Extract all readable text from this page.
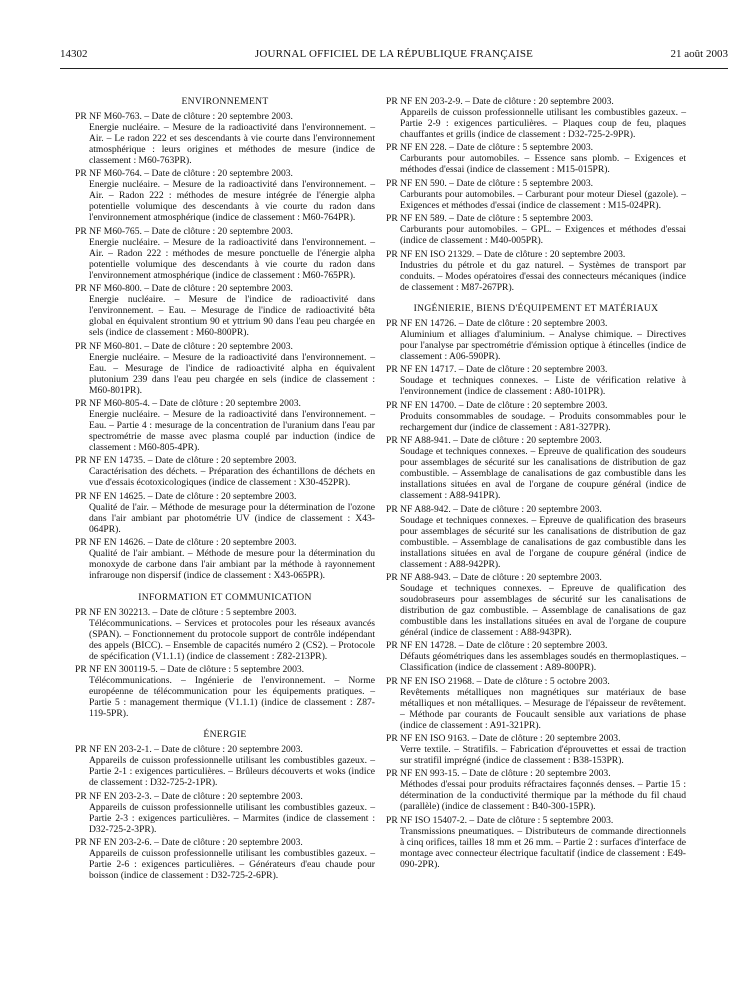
14302	JOURNAL OFFICIEL DE LA RÉPUBLIQUE FRANÇAISE	21 août 2003
ENVIRONNEMENT
PR NF M60-763. – Date de clôture : 20 septembre 2003.
Energie nucléaire. – Mesure de la radioactivité dans l'environnement. – Air. – Le radon 222 et ses descendants à vie courte dans l'environnement atmosphérique : leurs origines et méthodes de mesure (indice de classement : M60-763PR).
PR NF M60-764. – Date de clôture : 20 septembre 2003.
Energie nucléaire. – Mesure de la radioactivité dans l'environnement. – Air. – Radon 222 : méthodes de mesure intégrée de l'énergie alpha potentielle volumique des descendants à vie courte du radon dans l'environnement atmosphérique (indice de classement : M60-764PR).
PR NF M60-765. – Date de clôture : 20 septembre 2003.
Energie nucléaire. – Mesure de la radioactivité dans l'environnement. – Air. – Radon 222 : méthodes de mesure ponctuelle de l'énergie alpha potentielle volumique des descendants à vie courte du radon dans l'environnement atmosphérique (indice de classement : M60-765PR).
PR NF M60-800. – Date de clôture : 20 septembre 2003.
Energie nucléaire. – Mesure de l'indice de radioactivité dans l'environnement. – Eau. – Mesurage de l'indice de radioactivité bêta global en équivalent strontium 90 et yttrium 90 dans l'eau peu chargée en sels (indice de classement : M60-800PR).
PR NF M60-801. – Date de clôture : 20 septembre 2003.
Energie nucléaire. – Mesure de la radioactivité dans l'environnement. – Eau. – Mesurage de l'indice de radioactivité alpha en équivalent plutonium 239 dans l'eau peu chargée en sels (indice de classement : M60-801PR).
PR NF M60-805-4. – Date de clôture : 20 septembre 2003.
Energie nucléaire. – Mesure de la radioactivité dans l'environnement. – Eau. – Partie 4 : mesurage de la concentration de l'uranium dans l'eau par spectrométrie de masse avec plasma couplé par induction (indice de classement : M60-805-4PR).
PR NF EN 14735. – Date de clôture : 20 septembre 2003.
Caractérisation des déchets. – Préparation des échantillons de déchets en vue d'essais écotoxicologiques (indice de classement : X30-452PR).
PR NF EN 14625. – Date de clôture : 20 septembre 2003.
Qualité de l'air. – Méthode de mesurage pour la détermination de l'ozone dans l'air ambiant par photométrie UV (indice de classement : X43-064PR).
PR NF EN 14626. – Date de clôture : 20 septembre 2003.
Qualité de l'air ambiant. – Méthode de mesure pour la détermination du monoxyde de carbone dans l'air ambiant par la méthode à rayonnement infrarouge non dispersif (indice de classement : X43-065PR).
INFORMATION ET COMMUNICATION
PR NF EN 302213. – Date de clôture : 5 septembre 2003.
Télécommunications. – Services et protocoles pour les réseaux avancés (SPAN). – Fonctionnement du protocole support de contrôle indépendant des appels (BICC). – Ensemble de capacités numéro 2 (CS2). – Protocole de spécification (V1.1.1) (indice de classement : Z82-213PR).
PR NF EN 300119-5. – Date de clôture : 5 septembre 2003.
Télécommunications. – Ingénierie de l'environnement. – Norme européenne de télécommunication pour les équipements pratiques. – Partie 5 : management thermique (V1.1.1) (indice de classement : Z87-119-5PR).
ÉNERGIE
PR NF EN 203-2-1. – Date de clôture : 20 septembre 2003.
Appareils de cuisson professionnelle utilisant les combustibles gazeux. – Partie 2-1 : exigences particulières. – Brûleurs découverts et woks (indice de classement : D32-725-2-1PR).
PR NF EN 203-2-3. – Date de clôture : 20 septembre 2003.
Appareils de cuisson professionnelle utilisant les combustibles gazeux. – Partie 2-3 : exigences particulières. – Marmites (indice de classement : D32-725-2-3PR).
PR NF EN 203-2-6. – Date de clôture : 20 septembre 2003.
Appareils de cuisson professionnelle utilisant les combustibles gazeux. – Partie 2-6 : exigences particulières. – Générateurs d'eau chaude pour boisson (indice de classement : D32-725-2-6PR).
PR NF EN 203-2-9. – Date de clôture : 20 septembre 2003.
Appareils de cuisson professionnelle utilisant les combustibles gazeux. – Partie 2-9 : exigences particulières. – Plaques coup de feu, plaques chauffantes et grills (indice de classement : D32-725-2-9PR).
PR NF EN 228. – Date de clôture : 5 septembre 2003.
Carburants pour automobiles. – Essence sans plomb. – Exigences et méthodes d'essai (indice de classement : M15-015PR).
PR NF EN 590. – Date de clôture : 5 septembre 2003.
Carburants pour automobiles. – Carburant pour moteur Diesel (gazole). – Exigences et méthodes d'essai (indice de classement : M15-024PR).
PR NF EN 589. – Date de clôture : 5 septembre 2003.
Carburants pour automobiles. – GPL. – Exigences et méthodes d'essai (indice de classement : M40-005PR).
PR NF EN ISO 21329. – Date de clôture : 20 septembre 2003.
Industries du pétrole et du gaz naturel. – Systèmes de transport par conduits. – Modes opératoires d'essai des connecteurs mécaniques (indice de classement : M87-267PR).
INGÉNIERIE, BIENS D'ÉQUIPEMENT ET MATÉRIAUX
PR NF EN 14726. – Date de clôture : 20 septembre 2003.
Aluminium et alliages d'aluminium. – Analyse chimique. – Directives pour l'analyse par spectrométrie d'émission optique à étincelles (indice de classement : A06-590PR).
PR NF EN 14717. – Date de clôture : 20 septembre 2003.
Soudage et techniques connexes. – Liste de vérification relative à l'environnement (indice de classement : A80-101PR).
PR NF EN 14700. – Date de clôture : 20 septembre 2003.
Produits consommables de soudage. – Produits consommables pour le rechargement dur (indice de classement : A81-327PR).
PR NF A88-941. – Date de clôture : 20 septembre 2003.
Soudage et techniques connexes. – Epreuve de qualification des soudeurs pour assemblages de sécurité sur les canalisations de distribution de gaz combustible. – Assemblage de canalisations de gaz combustible dans les installations situées en aval de l'organe de coupure général (indice de classement : A88-941PR).
PR NF A88-942. – Date de clôture : 20 septembre 2003.
Soudage et techniques connexes. – Epreuve de qualification des braseurs pour assemblages de sécurité sur les canalisations de distribution de gaz combustible. – Assemblage de canalisations de gaz combustible dans les installations situées en aval de l'organe de coupure général (indice de classement : A88-942PR).
PR NF A88-943. – Date de clôture : 20 septembre 2003.
Soudage et techniques connexes. – Epreuve de qualification des soudobraseurs pour assemblages de sécurité sur les canalisations de distribution de gaz combustible. – Assemblage de canalisations de gaz combustible dans les installations situées en aval de l'organe de coupure général (indice de classement : A88-943PR).
PR NF EN 14728. – Date de clôture : 20 septembre 2003.
Défauts géométriques dans les assemblages soudés en thermoplastiques. – Classification (indice de classement : A89-800PR).
PR NF EN ISO 21968. – Date de clôture : 5 octobre 2003.
Revêtements métalliques non magnétiques sur matériaux de base métalliques et non métalliques. – Mesurage de l'épaisseur de revêtement. – Méthode par courants de Foucault sensible aux variations de phase (indice de classement : A91-321PR).
PR NF EN ISO 9163. – Date de clôture : 20 septembre 2003.
Verre textile. – Stratifils. – Fabrication d'éprouvettes et essai de traction sur stratifil imprégné (indice de classement : B38-153PR).
PR NF EN 993-15. – Date de clôture : 20 septembre 2003.
Méthodes d'essai pour produits réfractaires façonnés denses. – Partie 15 : détermination de la conductivité thermique par la méthode du fil chaud (parallèle) (indice de classement : B40-300-15PR).
PR NF ISO 15407-2. – Date de clôture : 5 septembre 2003.
Transmissions pneumatiques. – Distributeurs de commande directionnels à cinq orifices, tailles 18 mm et 26 mm. – Partie 2 : surfaces d'interface de montage avec connecteur électrique facultatif (indice de classement : E49-090-2PR).
